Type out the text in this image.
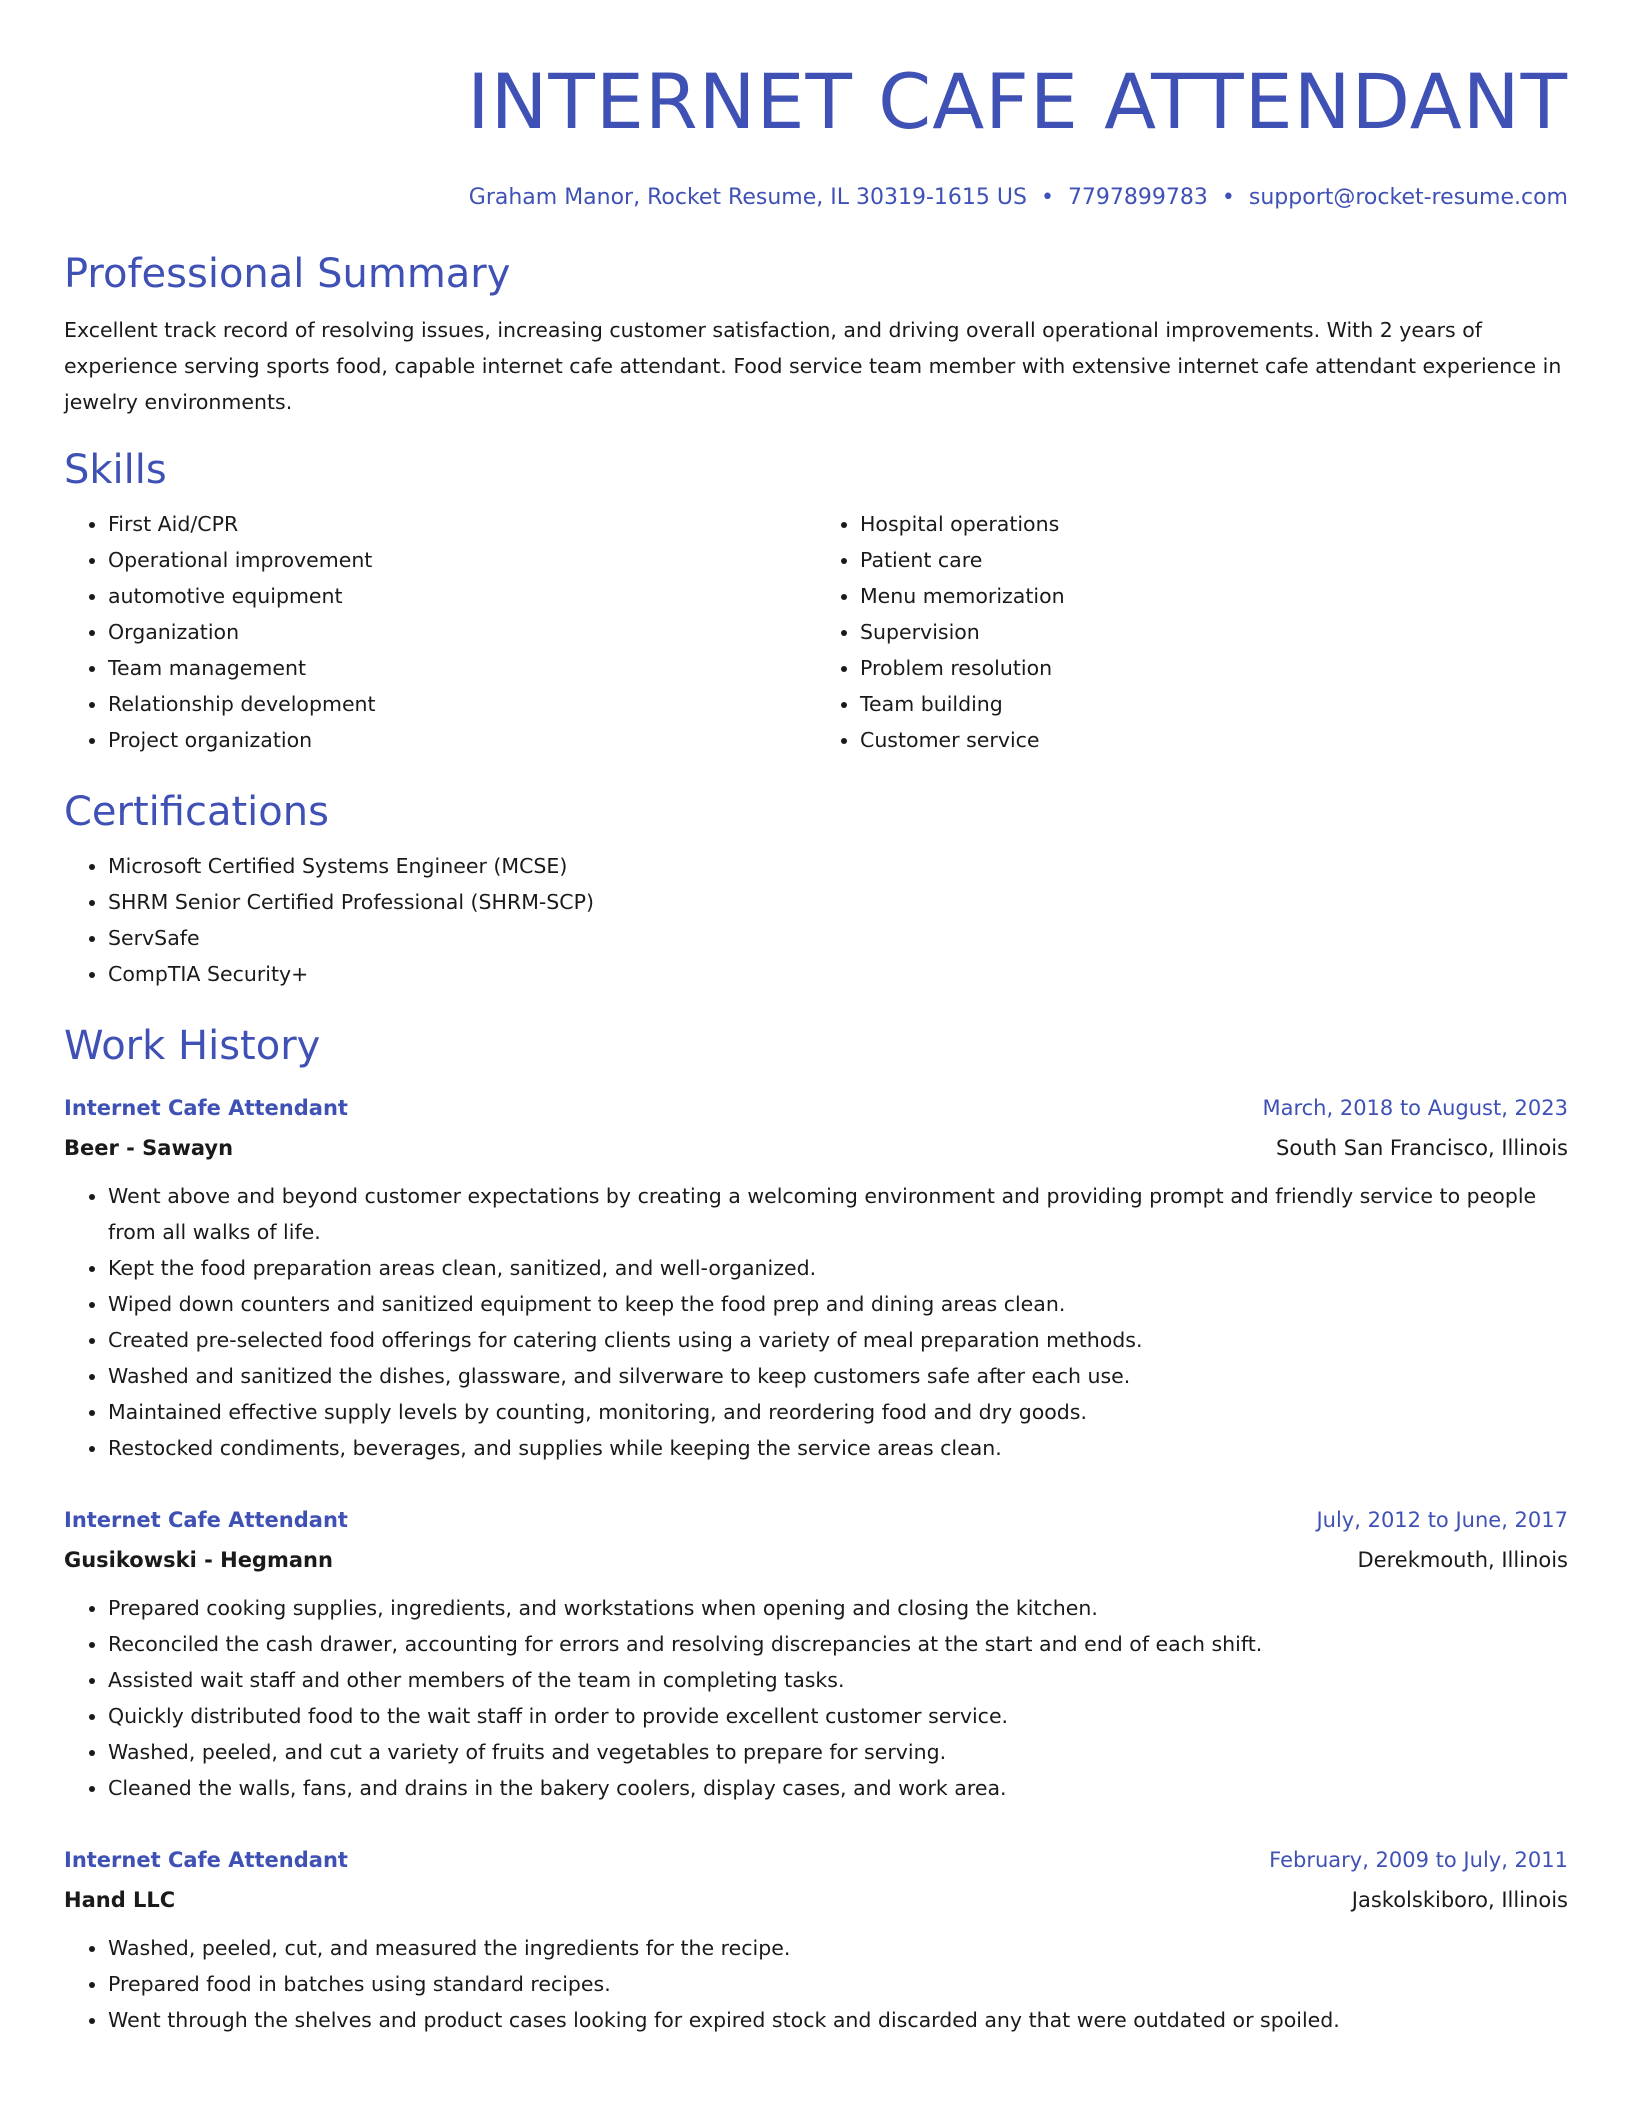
INTERNET CAFE ATTENDANT
Graham Manor, Rocket Resume, IL 30319-1615 US • 7797899783 • support@rocket-resume.com
Professional Summary
Excellent track record of resolving issues, increasing customer satisfaction, and driving overall operational improvements. With 2 years of experience serving sports food, capable internet cafe attendant. Food service team member with extensive internet cafe attendant experience in jewelry environments.
Skills
• First Aid/CPR
• Operational improvement
• automotive equipment
• Organization
• Team management
• Relationship development
• Project organization
• Hospital operations
• Patient care
• Menu memorization
• Supervision
• Problem resolution
• Team building
• Customer service
Certifications
• Microsoft Certified Systems Engineer (MCSE)
• SHRM Senior Certified Professional (SHRM-SCP)
• ServSafe
• CompTIA Security+
Work History
Internet Cafe Attendant	March, 2018 to August, 2023
Beer - Sawayn	South San Francisco, Illinois
• Went above and beyond customer expectations by creating a welcoming environment and providing prompt and friendly service to people from all walks of life.
• Kept the food preparation areas clean, sanitized, and well-organized.
• Wiped down counters and sanitized equipment to keep the food prep and dining areas clean.
• Created pre-selected food offerings for catering clients using a variety of meal preparation methods.
• Washed and sanitized the dishes, glassware, and silverware to keep customers safe after each use.
• Maintained effective supply levels by counting, monitoring, and reordering food and dry goods.
• Restocked condiments, beverages, and supplies while keeping the service areas clean.
Internet Cafe Attendant	July, 2012 to June, 2017
Gusikowski - Hegmann	Derekmouth, Illinois
• Prepared cooking supplies, ingredients, and workstations when opening and closing the kitchen.
• Reconciled the cash drawer, accounting for errors and resolving discrepancies at the start and end of each shift.
• Assisted wait staff and other members of the team in completing tasks.
• Quickly distributed food to the wait staff in order to provide excellent customer service.
• Washed, peeled, and cut a variety of fruits and vegetables to prepare for serving.
• Cleaned the walls, fans, and drains in the bakery coolers, display cases, and work area.
Internet Cafe Attendant	February, 2009 to July, 2011
Hand LLC	Jaskolskiboro, Illinois
• Washed, peeled, cut, and measured the ingredients for the recipe.
• Prepared food in batches using standard recipes.
• Went through the shelves and product cases looking for expired stock and discarded any that were outdated or spoiled.
